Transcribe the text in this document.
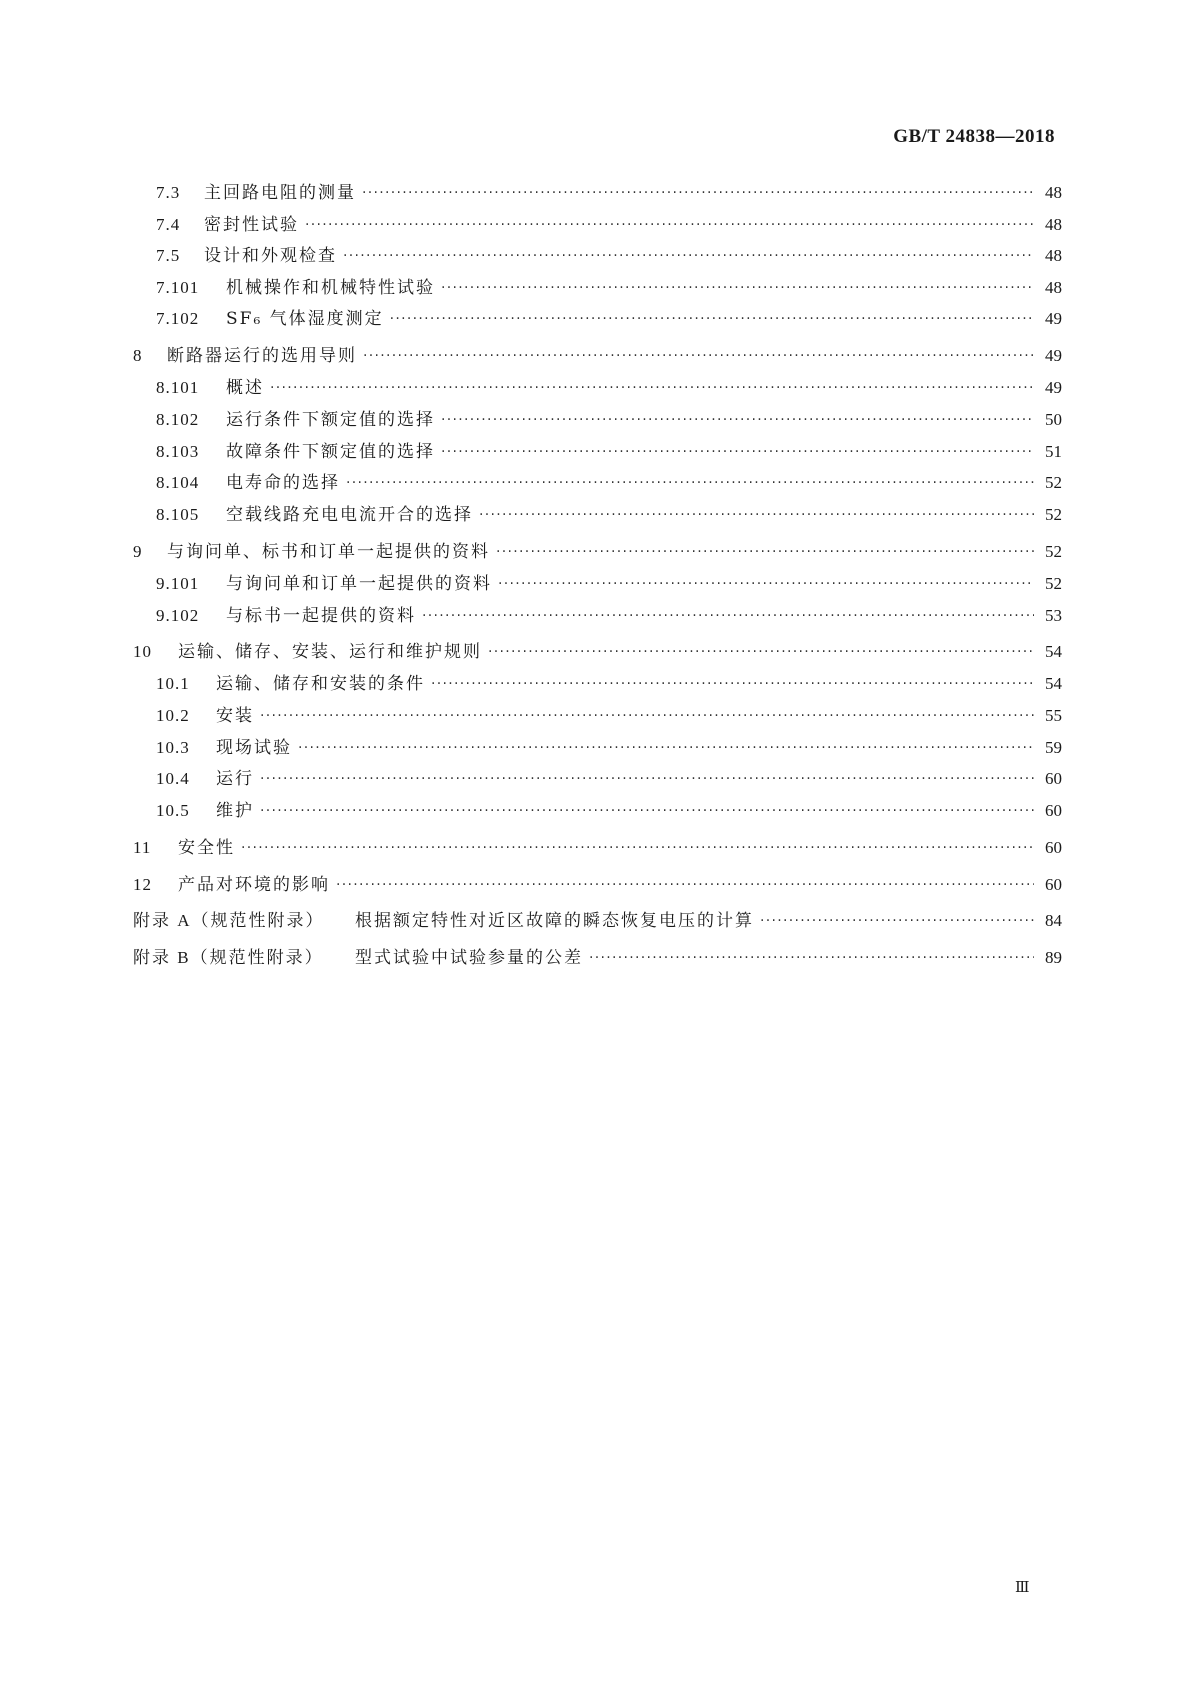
GB/T 24838—2018
7.3	主回路电阻的测量 ·····	48
7.4	密封性试验 ·····	48
7.5	设计和外观检查 ·····	48
7.101	机械操作和机械特性试验 ·····	48
7.102	SF₆ 气体湿度测定 ·····	49
8	断路器运行的选用导则 ·····	49
8.101	概述 ·····	49
8.102	运行条件下额定值的选择 ·····	50
8.103	故障条件下额定值的选择 ·····	51
8.104	电寿命的选择 ·····	52
8.105	空载线路充电电流开合的选择 ·····	52
9	与询问单、标书和订单一起提供的资料 ·····	52
9.101	与询问单和订单一起提供的资料 ·····	52
9.102	与标书一起提供的资料 ·····	53
10	运输、储存、安装、运行和维护规则 ·····	54
10.1	运输、储存和安装的条件 ·····	54
10.2	安装 ·····	55
10.3	现场试验 ·····	59
10.4	运行 ·····	60
10.5	维护 ·····	60
11	安全性 ·····	60
12	产品对环境的影响 ·····	60
附录 A（规范性附录）	根据额定特性对近区故障的瞬态恢复电压的计算 ·····	84
附录 B（规范性附录）	型式试验中试验参量的公差 ·····	89
Ⅲ
